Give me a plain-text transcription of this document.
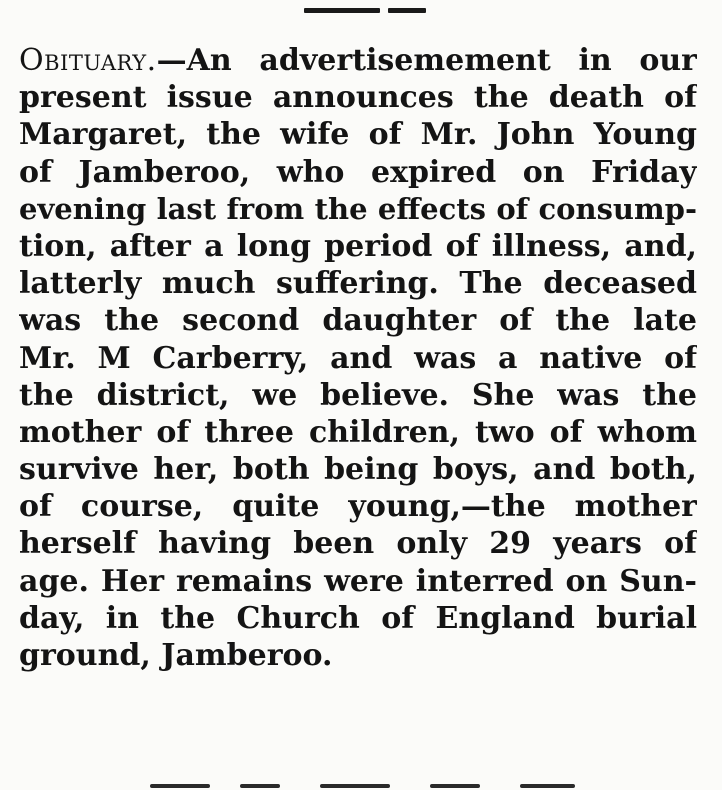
Obituary.—An advertisemement in our
present issue announces the death of
Margaret, the wife of Mr. John Young
of Jamberoo, who expired on Friday
evening last from the effects of consump-
tion, after a long period of illness, and,
latterly much suffering. The deceased
was the second daughter of the late
Mr. M Carberry, and was a native of
the district, we believe. She was the
mother of three children, two of whom
survive her, both being boys, and both,
of course, quite young,—the mother
herself having been only 29 years of
age. Her remains were interred on Sun-
day, in the Church of England burial
ground, Jamberoo.
